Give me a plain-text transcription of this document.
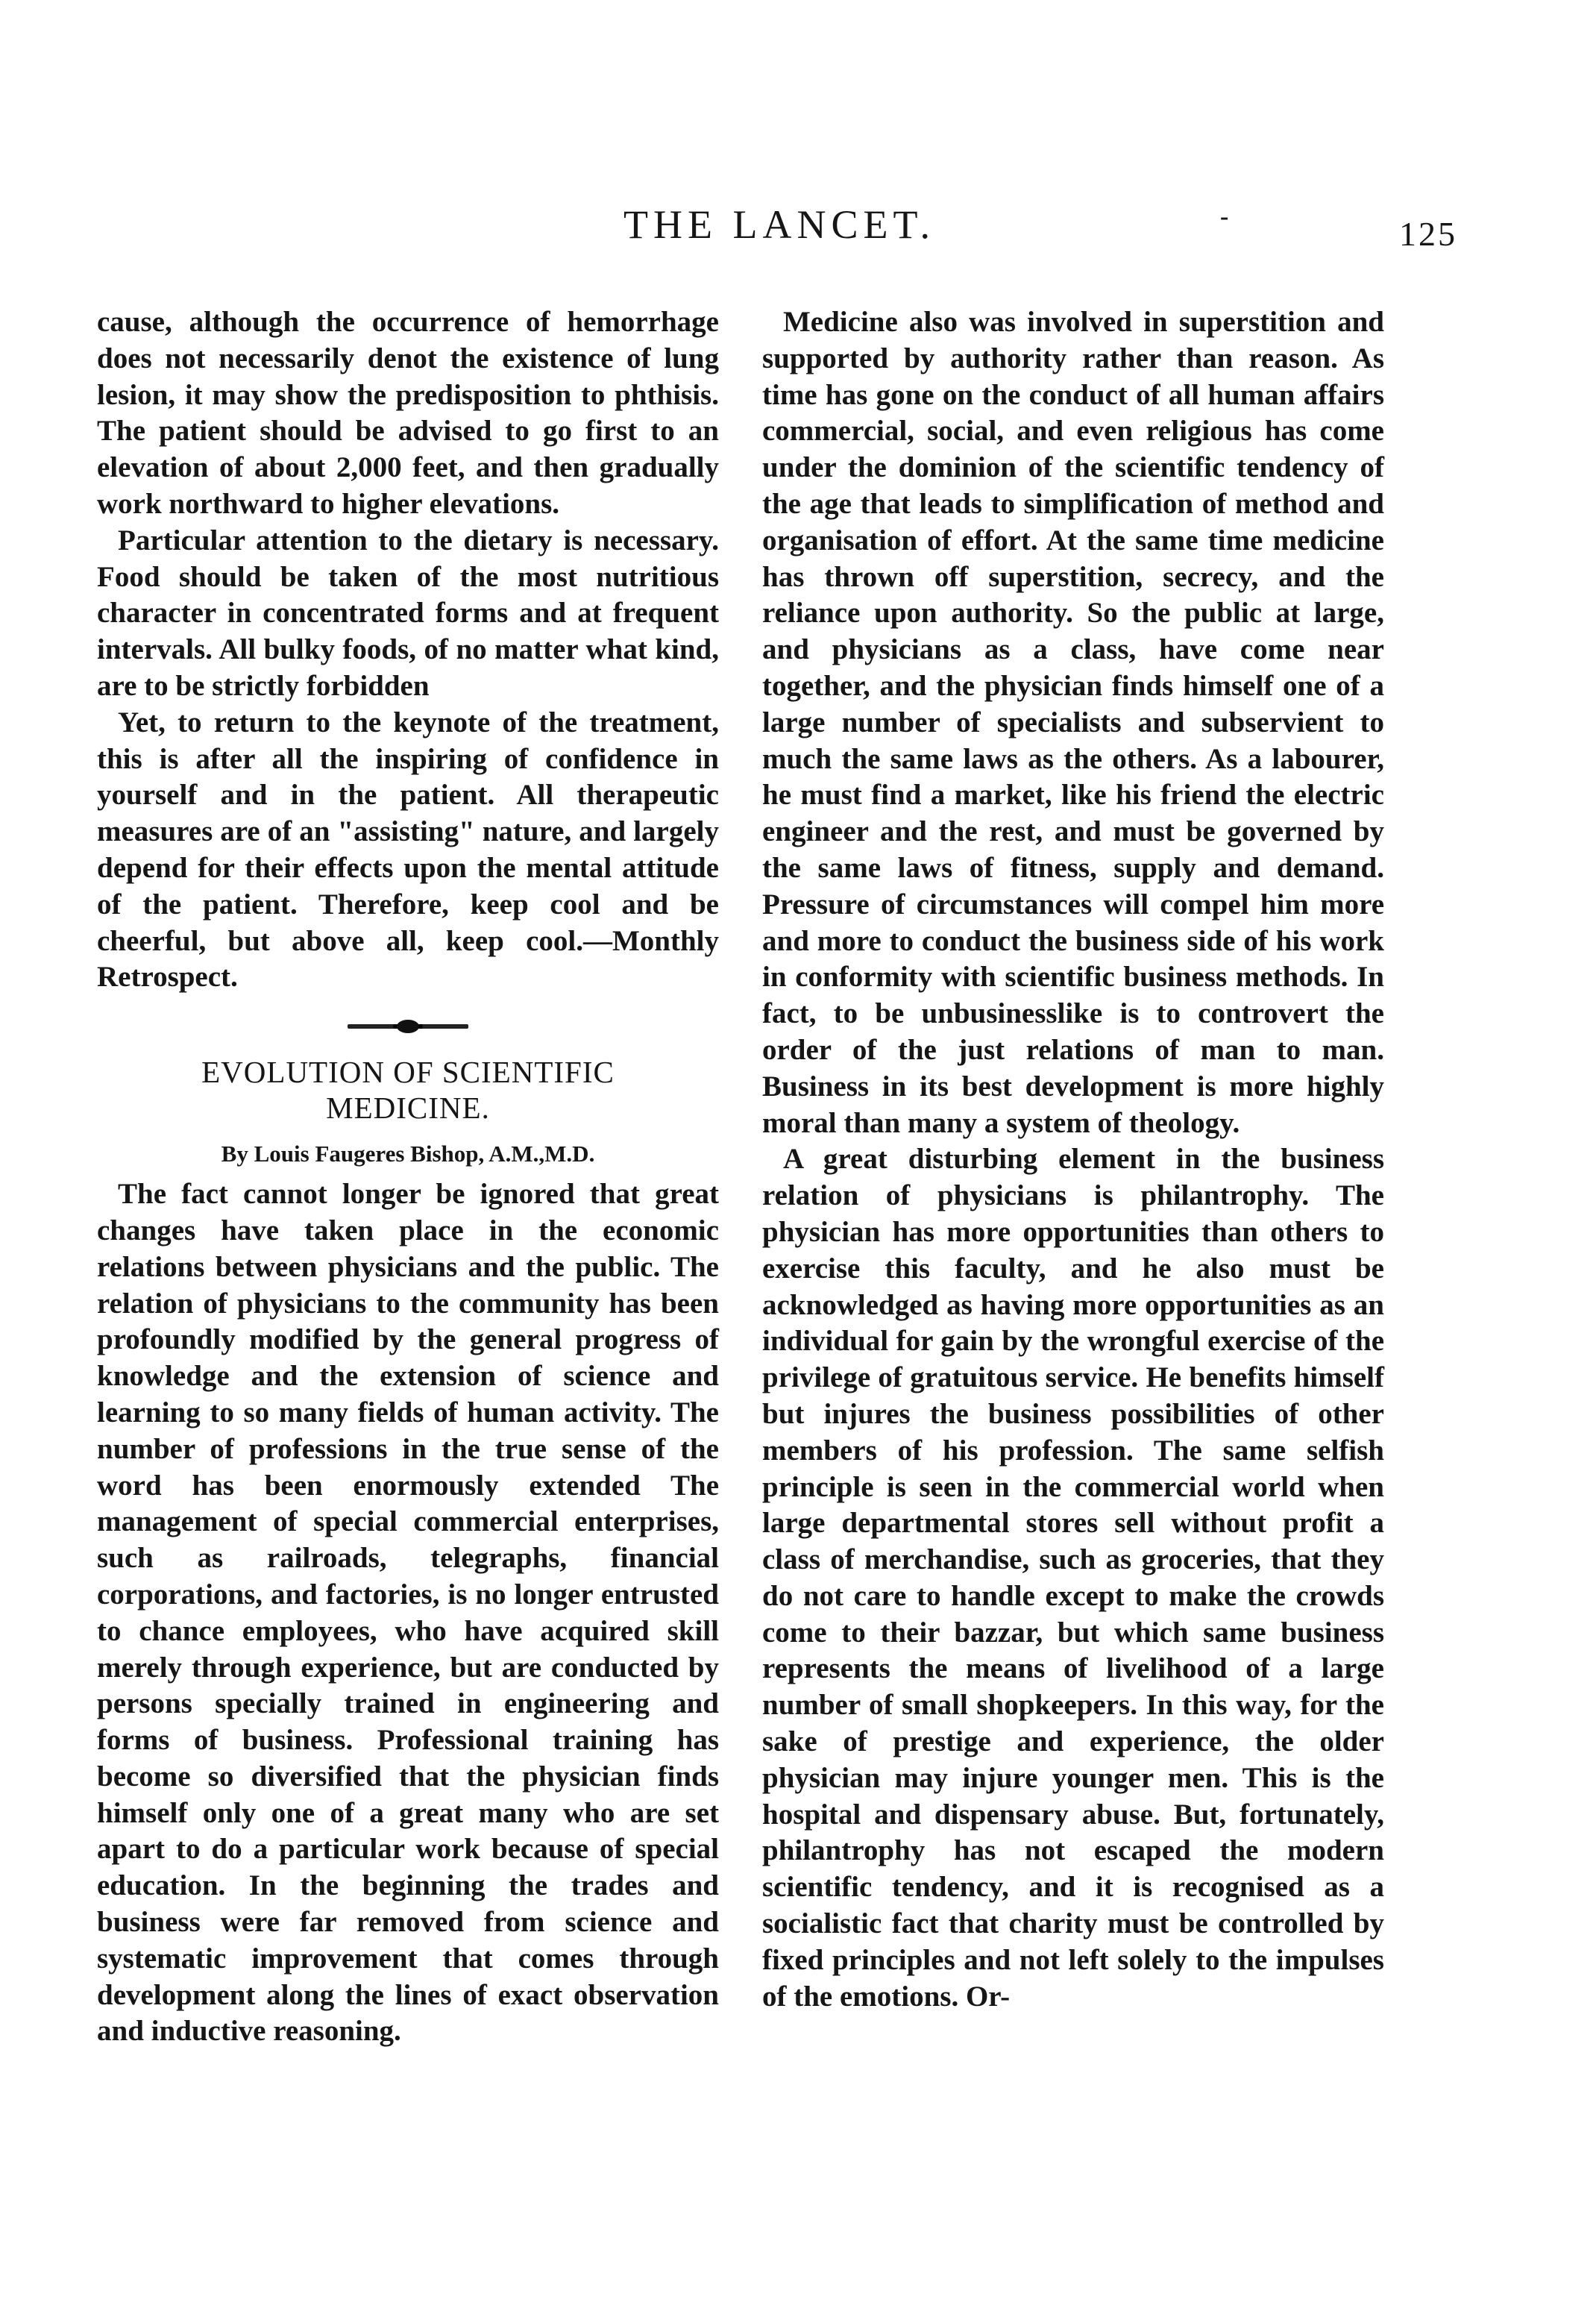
THE LANCET.	‑	125

cause, although the occurrence of hemorrhage does not necessarily denot the existence of lung lesion, it may show the predisposition to phthisis. The patient should be advised to go first to an elevation of about 2,000 feet, and then gradually work northward to higher elevations.

Particular attention to the dietary is necessary. Food should be taken of the most nutritious character in concentrated forms and at frequent intervals. All bulky foods, of no matter what kind, are to be strictly forbidden

Yet, to return to the keynote of the treatment, this is after all the inspiring of confidence in yourself and in the patient. All therapeutic measures are of an "assisting" nature, and largely depend for their effects upon the mental attitude of the patient. Therefore, keep cool and be cheerful, but above all, keep cool.—Monthly Retrospect.

EVOLUTION OF SCIENTIFIC
MEDICINE.
By Louis Faugeres Bishop, A.M.,M.D.

The fact cannot longer be ignored that great changes have taken place in the economic relations between physicians and the public. The relation of physicians to the community has been profoundly modified by the general progress of knowledge and the extension of science and learning to so many fields of human activity. The number of professions in the true sense of the word has been enormously extended The management of special commercial enterprises, such as railroads, telegraphs, financial corporations, and factories, is no longer entrusted to chance employees, who have acquired skill merely through experience, but are conducted by persons specially trained in engineering and forms of business. Professional training has become so diversified that the physician finds himself only one of a great many who are set apart to do a particular work because of special education. In the beginning the trades and business were far removed from science and systematic improvement that comes through development along the lines of exact observation and inductive reasoning.

Medicine also was involved in superstition and supported by authority rather than reason. As time has gone on the conduct of all human affairs commercial, social, and even religious has come under the dominion of the scientific tendency of the age that leads to simplification of method and organisation of effort. At the same time medicine has thrown off superstition, secrecy, and the reliance upon authority. So the public at large, and physicians as a class, have come near together, and the physician finds himself one of a large number of specialists and subservient to much the same laws as the others. As a labourer, he must find a market, like his friend the electric engineer and the rest, and must be governed by the same laws of fitness, supply and demand. Pressure of circumstances will compel him more and more to conduct the business side of his work in conformity with scientific business methods. In fact, to be unbusinesslike is to controvert the order of the just relations of man to man. Business in its best development is more highly moral than many a system of theology.

A great disturbing element in the business relation of physicians is philantrophy. The physician has more opportunities than others to exercise this faculty, and he also must be acknowledged as having more opportunities as an individual for gain by the wrongful exercise of the privilege of gratuitous service. He benefits himself but injures the business possibilities of other members of his profession. The same selfish principle is seen in the commercial world when large departmental stores sell without profit a class of merchandise, such as groceries, that they do not care to handle except to make the crowds come to their bazzar, but which same business represents the means of livelihood of a large number of small shopkeepers. In this way, for the sake of prestige and experience, the older physician may injure younger men. This is the hospital and dispensary abuse. But, fortunately, philantrophy has not escaped the modern scientific tendency, and it is recognised as a socialistic fact that charity must be controlled by fixed principles and not left solely to the impulses of the emotions. Or-
